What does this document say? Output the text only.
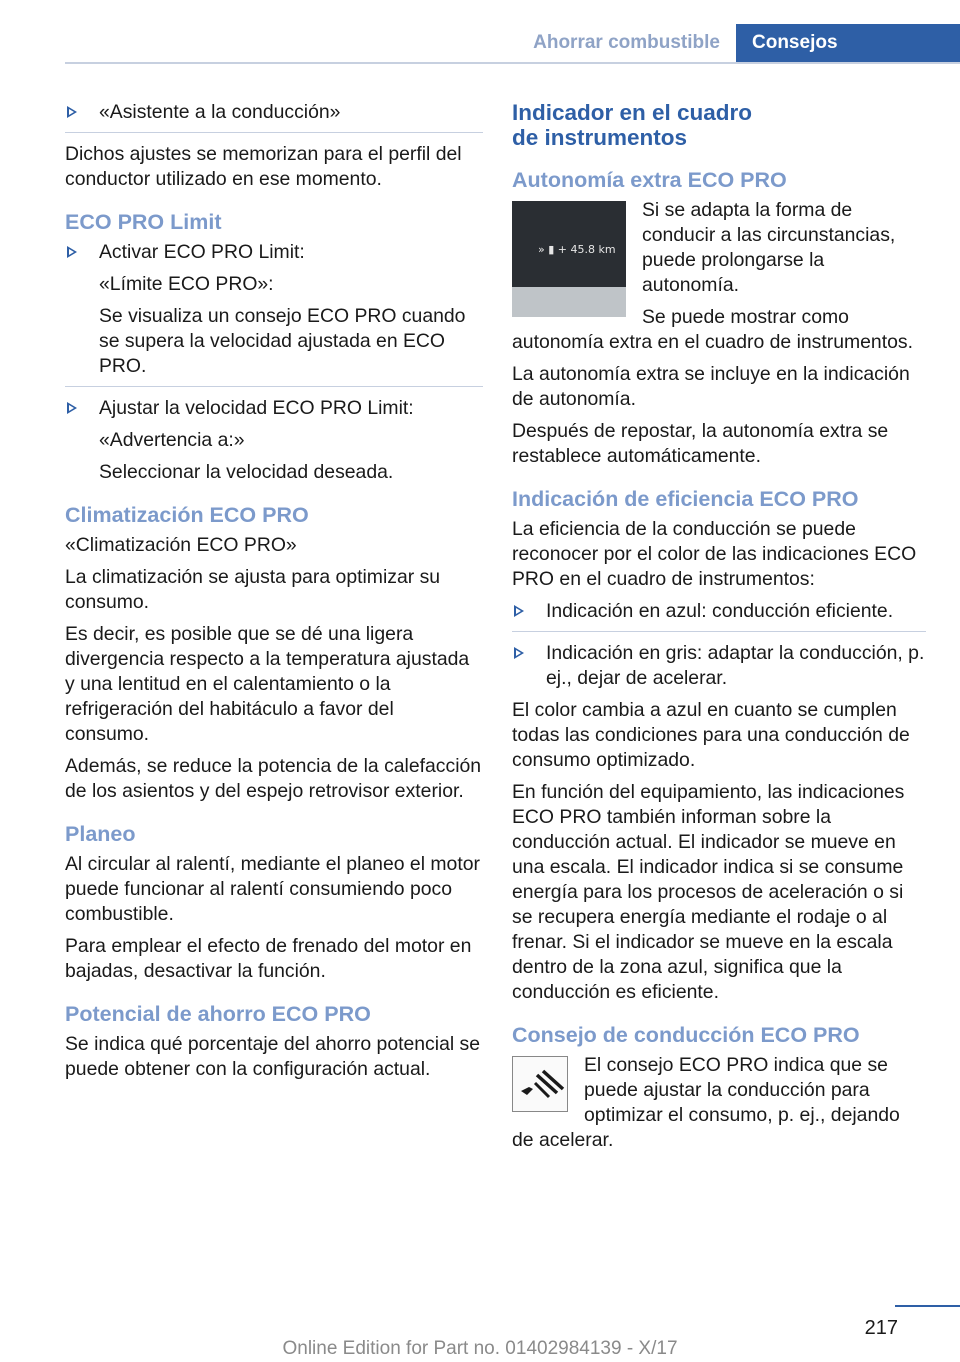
Ahorrar combustible	Consejos
«Asistente a la conducción»

Dichos ajustes se memorizan para el perfil del conductor utilizado en ese momento.

ECO PRO Limit
Activar ECO PRO Limit:
«Límite ECO PRO»:
Se visualiza un consejo ECO PRO cuando se supera la velocidad ajustada en ECO PRO.
Ajustar la velocidad ECO PRO Limit:
«Advertencia a:»
Seleccionar la velocidad deseada.
Climatización ECO PRO

«Climatización ECO PRO»

La climatización se ajusta para optimizar su consumo.

Es decir, es posible que se dé una ligera divergencia respecto a la temperatura ajustada y una lentitud en el calentamiento o la refrigeración del habitáculo a favor del consumo.

Además, se reduce la potencia de la calefacción de los asientos y del espejo retrovisor exterior.

Planeo

Al circular al ralentí, mediante el planeo el motor puede funcionar al ralentí consumiendo poco combustible.

Para emplear el efecto de frenado del motor en bajadas, desactivar la función.

Potencial de ahorro ECO PRO

Se indica qué porcentaje del ahorro potencial se puede obtener con la configuración actual.

Indicador en el cuadro de instrumentos
Autonomía extra ECO PRO
» ▮ + 45.8 km

Si se adapta la forma de conducir a las circunstancias, puede prolongarse la autonomía.

Se puede mostrar como autonomía extra en el cuadro de instrumentos.

La autonomía extra se incluye en la indicación de autonomía.

Después de repostar, la autonomía extra se restablece automáticamente.

Indicación de eficiencia ECO PRO

La eficiencia de la conducción se puede reconocer por el color de las indicaciones ECO PRO en el cuadro de instrumentos:

Indicación en azul: conducción eficiente.
Indicación en gris: adaptar la conducción, p. ej., dejar de acelerar.

El color cambia a azul en cuanto se cumplen todas las condiciones para una conducción de consumo optimizado.

En función del equipamiento, las indicaciones ECO PRO también informan sobre la conducción actual. El indicador se mueve en una escala. El indicador indica si se consume energía para los procesos de aceleración o si se recupera energía mediante el rodaje o al frenar. Si el indicador se mueve en la escala dentro de la zona azul, significa que la conducción es eficiente.

Consejo de conducción ECO PRO

El consejo ECO PRO indica que se puede ajustar la conducción para optimizar el consumo, p. ej., dejando de acelerar.

217
Online Edition for Part no. 01402984139 - X/17
